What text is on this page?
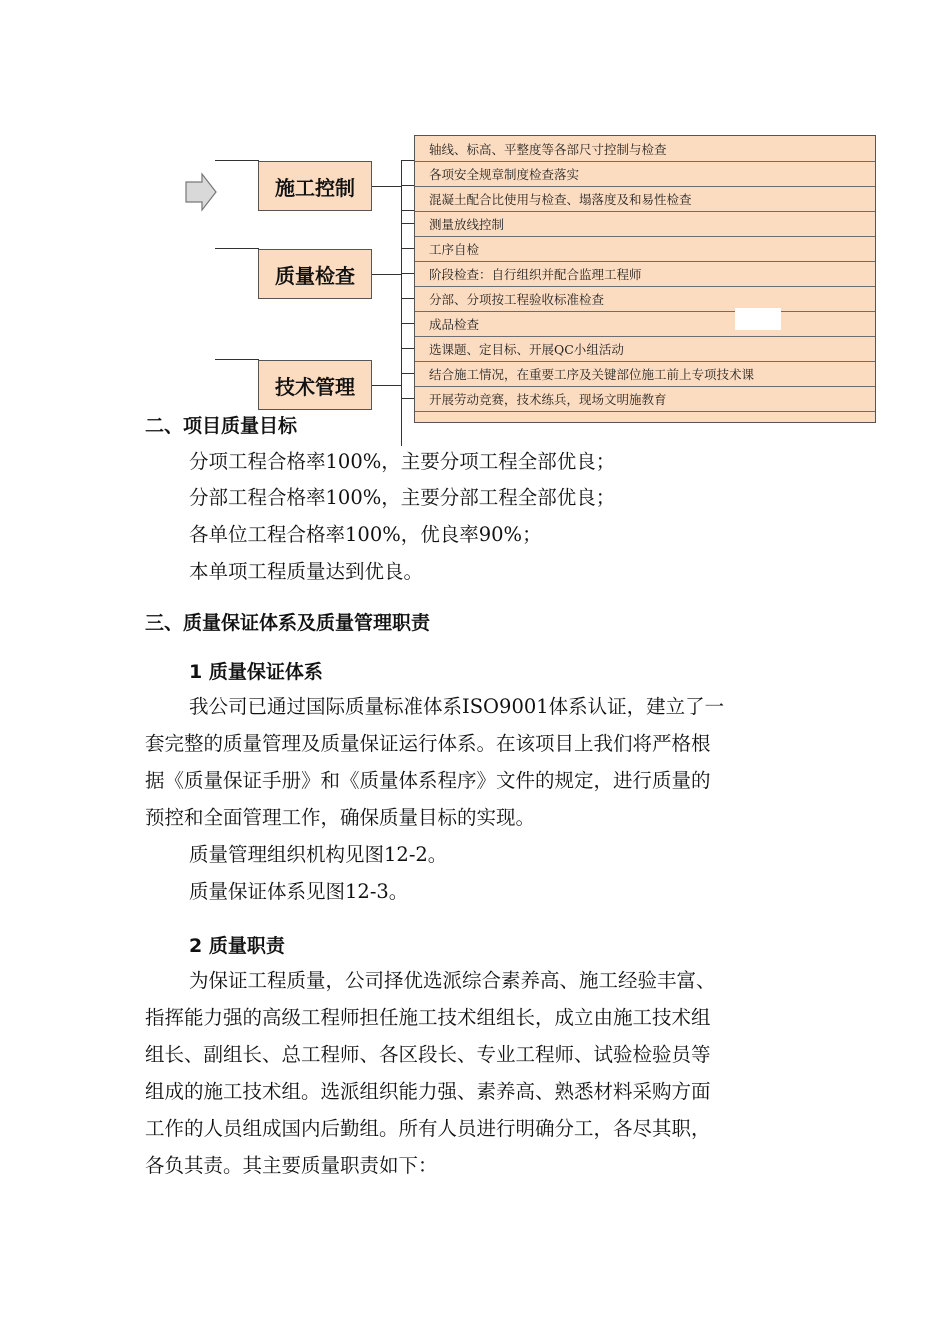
施工控制
质量检查
技术管理
轴线、标高、平整度等各部尺寸控制与检查
各项安全规章制度检查落实
混凝土配合比使用与检查、塌落度及和易性检查
测量放线控制
工序自检
阶段检查：自行组织并配合监理工程师
分部、分项按工程验收标准检查
成品检查
选课题、定目标、开展QC小组活动
结合施工情况，在重要工序及关键部位施工前上专项技术课
开展劳动竞赛，技术练兵，现场文明施教育
二、项目质量目标
分项工程合格率100%，主要分项工程全部优良；
分部工程合格率100%，主要分部工程全部优良；
各单位工程合格率100%，优良率90%；
本单项工程质量达到优良。
三、质量保证体系及质量管理职责
1 质量保证体系
我公司已通过国际质量标准体系ISO9001体系认证，建立了一
套完整的质量管理及质量保证运行体系。在该项目上我们将严格根
据《质量保证手册》和《质量体系程序》文件的规定，进行质量的
预控和全面管理工作，确保质量目标的实现。
质量管理组织机构见图12-2。
质量保证体系见图12-3。
2 质量职责
为保证工程质量，公司择优选派综合素养高、施工经验丰富、
指挥能力强的高级工程师担任施工技术组组长，成立由施工技术组
组长、副组长、总工程师、各区段长、专业工程师、试验检验员等
组成的施工技术组。选派组织能力强、素养高、熟悉材料采购方面
工作的人员组成国内后勤组。所有人员进行明确分工，各尽其职，
各负其责。其主要质量职责如下：
